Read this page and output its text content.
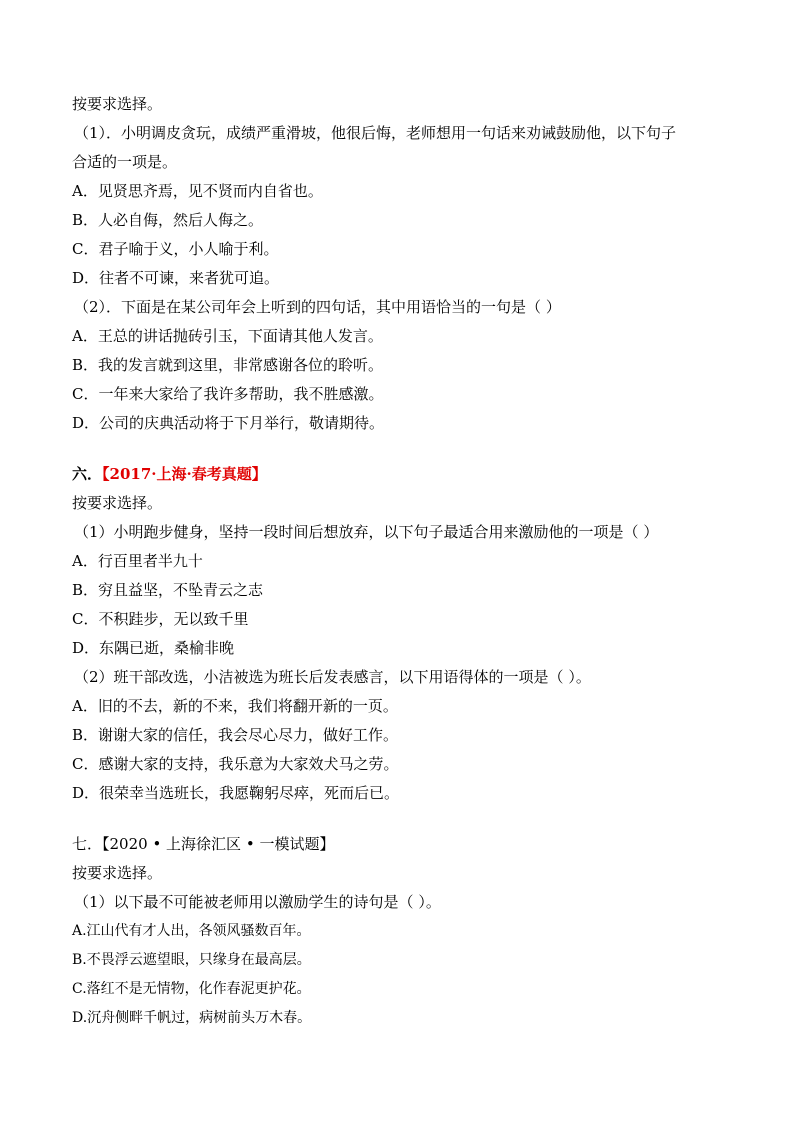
按要求选择。
（1）．小明调皮贪玩，成绩严重滑坡，他很后悔，老师想用一句话来劝诫鼓励他，以下句子
合适的一项是。
A．见贤思齐焉，见不贤而内自省也。
B．人必自侮，然后人侮之。
C．君子喻于义，小人喻于利。
D．往者不可谏，来者犹可追。
（2）．下面是在某公司年会上听到的四句话，其中用语恰当的一句是（ ）
A．王总的讲话抛砖引玉，下面请其他人发言。
B．我的发言就到这里，非常感谢各位的聆听。
C．一年来大家给了我许多帮助，我不胜感激。
D．公司的庆典活动将于下月举行，敬请期待。
六．【2017·上海·春考真题】
按要求选择。
（1）小明跑步健身，坚持一段时间后想放弃，以下句子最适合用来激励他的一项是（ ）
A．行百里者半九十
B．穷且益坚，不坠青云之志
C．不积跬步，无以致千里
D．东隅已逝，桑榆非晚
（2）班干部改选，小洁被选为班长后发表感言，以下用语得体的一项是（ ）。
A．旧的不去，新的不来，我们将翻开新的一页。
B．谢谢大家的信任，我会尽心尽力，做好工作。
C．感谢大家的支持，我乐意为大家效犬马之劳。
D．很荣幸当选班长，我愿鞠躬尽瘁，死而后已。
七．【2020 • 上海徐汇区 • 一模试题】
按要求选择。
（1）以下最不可能被老师用以激励学生的诗句是（ ）。
A.江山代有才人出，各领风骚数百年。
B.不畏浮云遮望眼，只缘身在最高层。
C.落红不是无情物，化作春泥更护花。
D.沉舟侧畔千帆过，病树前头万木春。
